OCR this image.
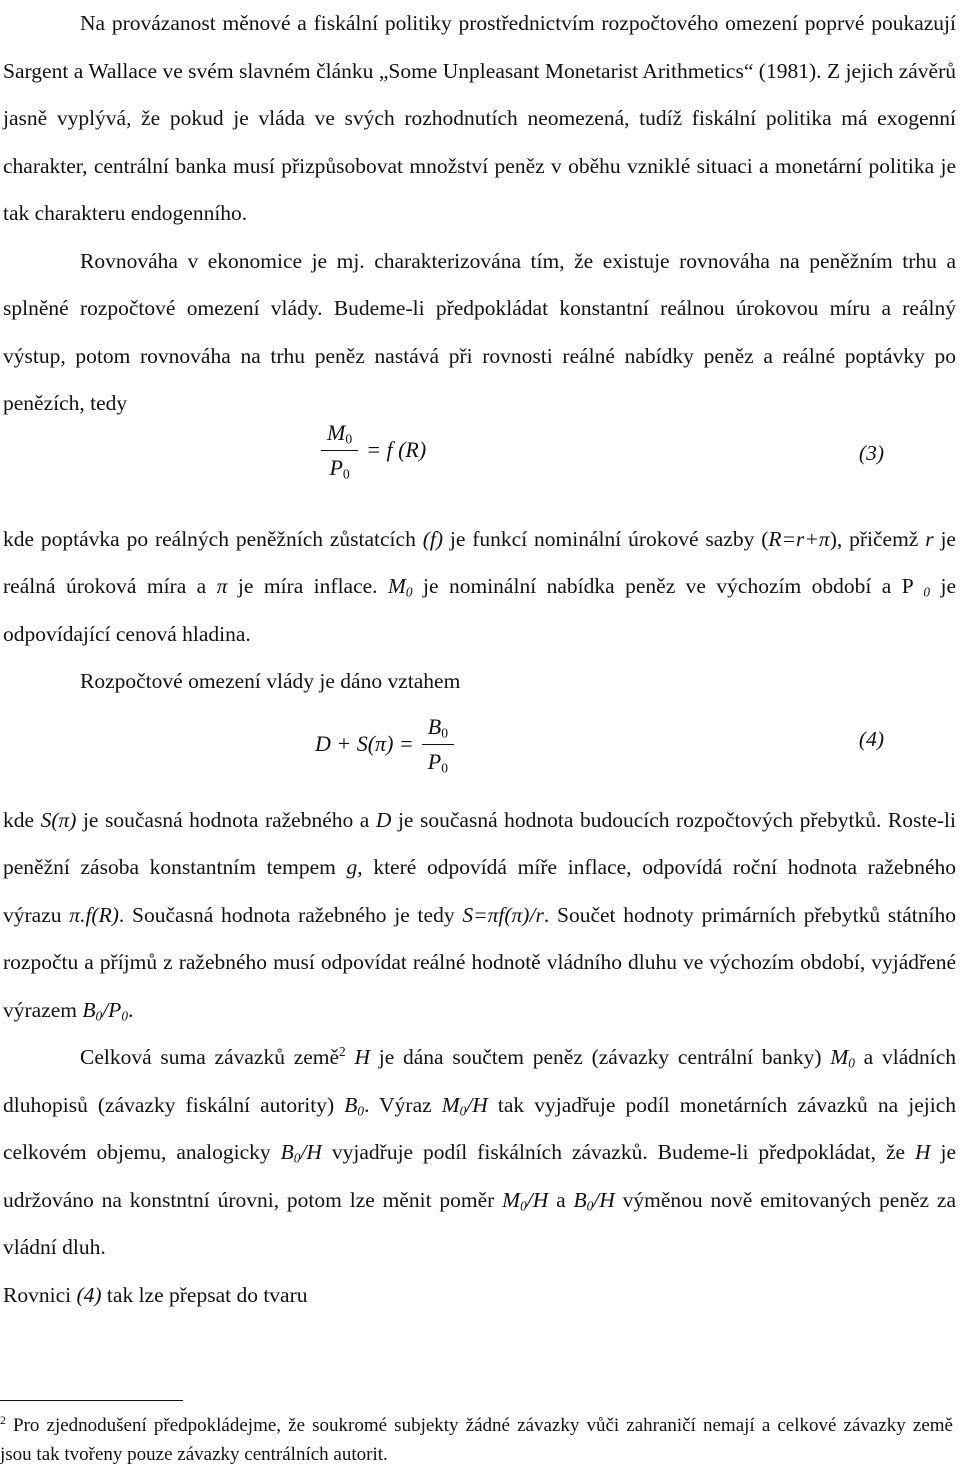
Na provázanost měnové a fiskální politiky prostřednictvím rozpočtového omezení poprvé poukazují Sargent a Wallace ve svém slavném článku „Some Unpleasant Monetarist Arithmetics“ (1981). Z jejich závěrů jasně vyplývá, že pokud je vláda ve svých rozhodnutích neomezená, tudíž fiskální politika má exogenní charakter, centrální banka musí přizpůsobovat množství peněz v oběhu vzniklé situaci a monetární politika je tak charakteru endogenního.

Rovnováha v ekonomice je mj. charakterizována tím, že existuje rovnováha na peněžním trhu a splněné rozpočtové omezení vlády. Budeme-li předpokládat konstantní reálnou úrokovou míru a reálný výstup, potom rovnováha na trhu peněz nastává při rovnosti reálné nabídky peněz a reálné poptávky po penězích, tedy

$\frac{M_0}{P_0} = f$ (R)	(3)

kde poptávka po reálných peněžních zůstatcích (f) je funkcí nominální úrokové sazby (R=r+π), přičemž r je reálná úroková míra a π je míra inflace. $M_0$ je nominální nabídka peněz ve výchozím období a P $_0$ je odpovídající cenová hladina.

Rozpočtové omezení vlády je dáno vztahem

$D + S(\pi) = \frac{B_0}{P_0}$	(4)

kde S(π) je současná hodnota ražebného a D je současná hodnota budoucích rozpočtových přebytků. Roste-li peněžní zásoba konstantním tempem g, které odpovídá míře inflace, odpovídá roční hodnota ražebného výrazu π.f(R). Současná hodnota ražebného je tedy S=πf(π)/r. Součet hodnoty primárních přebytků státního rozpočtu a příjmů z ražebného musí odpovídat reálné hodnotě vládního dluhu ve výchozím období, vyjádřené výrazem $B_0/P_0$.

Celková suma závazků země$^2$ H je dána součtem peněz (závazky centrální banky) $M_0$ a vládních dluhopisů (závazky fiskální autority) $B_0$. Výraz $M_0/H$ tak vyjadřuje podíl monetárních závazků na jejich celkovém objemu, analogicky $B_0/H$ vyjadřuje podíl fiskálních závazků. Budeme-li předpokládat, že H je udržováno na konstntní úrovni, potom lze měnit poměr $M_0/H$ a $B_0/H$ výměnou nově emitovaných peněz za vládní dluh.

Rovnici (4) tak lze přepsat do tvaru

$^2$ Pro zjednodušení předpokládejme, že soukromé subjekty žádné závazky vůči zahraničí nemají a celkové závazky země jsou tak tvořeny pouze závazky centrálních autorit.
